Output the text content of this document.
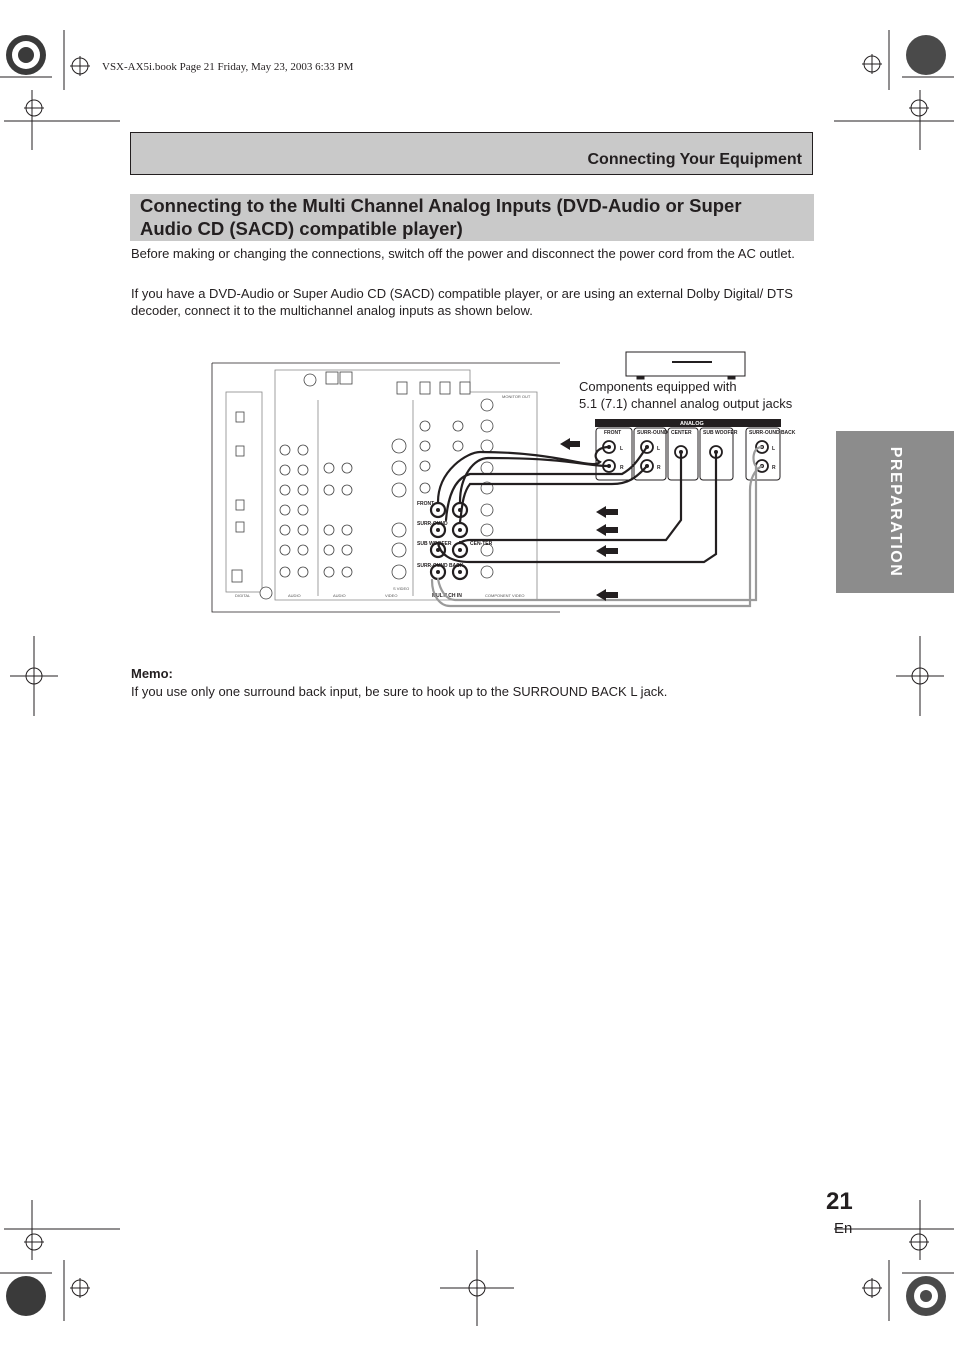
VSX-AX5i.book Page 21 Friday, May 23, 2003 6:33 PM
Connecting Your Equipment
Connecting to the Multi Channel Analog Inputs (DVD-Audio or Super
Audio CD (SACD) compatible player)

Before making or changing the connections, switch off the power and disconnect the power cord from the AC outlet.

If you have a DVD-Audio or Super Audio CD (SACD) compatible player, or are using an external Dolby Digital/ DTS decoder, connect it to the multichannel analog inputs as shown below.

FRONT
SURR-OUND
SUB WOOFER
SURR-OUND BACK
CEN-TER
MULTI CH IN
MONITOR OUT
COMPONENT VIDEO
DIGITAL	AUDIO	AUDIO	VIDEO
S VIDEO
ANALOG
FRONT	SURR-OUND CENTER SUB WOOFER SURR-OUND BACK
L
R
L
R
L
R
Components equipped with
5.1 (7.1) channel analog output jacks
Memo:
If you use only one surround back input, be sure to hook up to the SURROUND BACK L jack.
PREPARATION
21
En
